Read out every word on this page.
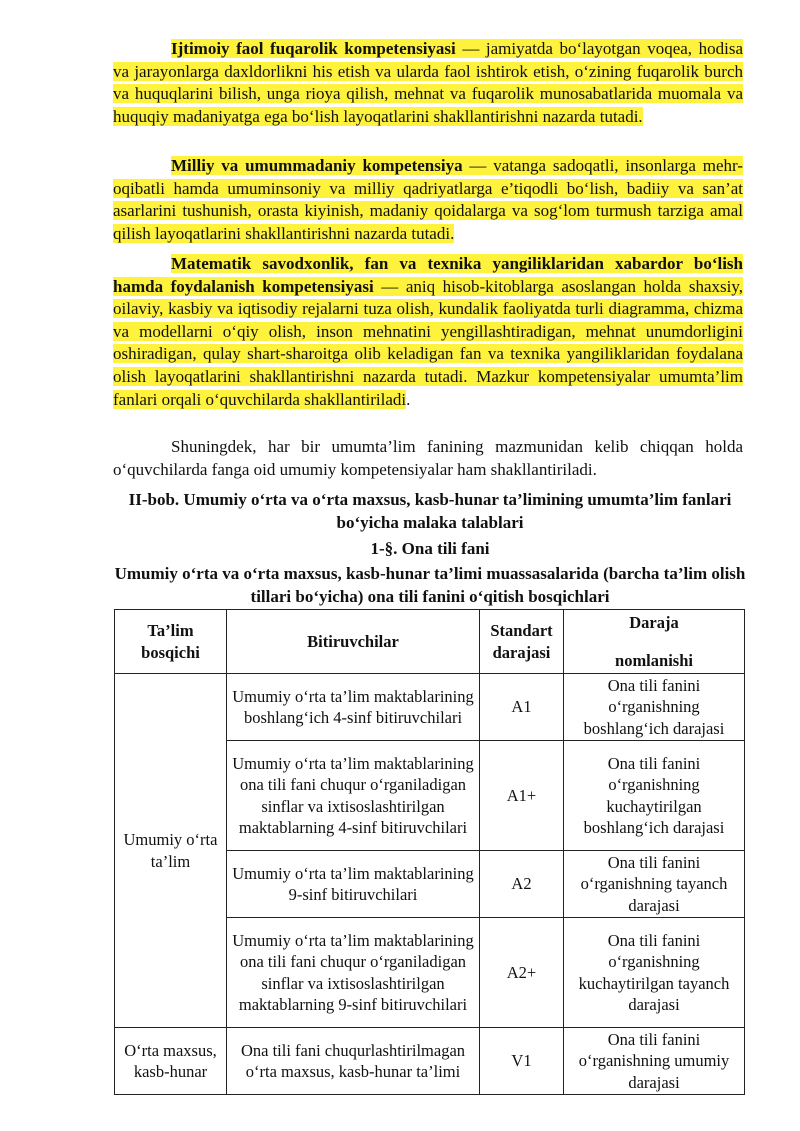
Ijtimoiy faol fuqarolik kompetensiyasi — jamiyatda bo‘layotgan voqea, hodisa va jarayonlarga daxldorlikni his etish va ularda faol ishtirok etish, o‘zining fuqarolik burch va huquqlarini bilish, unga rioya qilish, mehnat va fuqarolik munosabatlarida muomala va huquqiy madaniyatga ega bo‘lish layoqatlarini shakllantirishni nazarda tutadi.

Milliy va umummadaniy kompetensiya — vatanga sadoqatli, insonlarga mehr-oqibatli hamda umuminsoniy va milliy qadriyatlarga e’tiqodli bo‘lish, badiiy va san’at asarlarini tushunish, orasta kiyinish, madaniy qoidalarga va sog‘lom turmush tarziga amal qilish layoqatlarini shakllantirishni nazarda tutadi.

Matematik savodxonlik, fan va texnika yangiliklaridan xabardor bo‘lish hamda foydalanish kompetensiyasi — aniq hisob-kitoblarga asoslangan holda shaxsiy, oilaviy, kasbiy va iqtisodiy rejalarni tuza olish, kundalik faoliyatda turli diagramma, chizma va modellarni o‘qiy olish, inson mehnatini yengillashtiradigan, mehnat unumdorligini oshiradigan, qulay shart-sharoitga olib keladigan fan va texnika yangiliklaridan foydalana olish layoqatlarini shakllantirishni nazarda tutadi. Mazkur kompetensiyalar umumta’lim fanlari orqali o‘quvchilarda shakllantiriladi.

Shuningdek, har bir umumta’lim fanining mazmunidan kelib chiqqan holda o‘quvchilarda fanga oid umumiy kompetensiyalar ham shakllantiriladi.

II-bob. Umumiy o‘rta va o‘rta maxsus, kasb-hunar ta’limining umumta’lim fanlari bo‘yicha malaka talablari

1-§. Ona tili fani

Umumiy o‘rta va o‘rta maxsus, kasb-hunar ta’limi muassasalarida (barcha ta’lim olish tillari bo‘yicha) ona tili fanini o‘qitish bosqichlari

Ta’lim bosqichi	Bitiruvchilar	Standart darajasi	Daraja
nomlanishi

Umumiy o‘rta ta’lim	Umumiy o‘rta ta’lim maktablarining boshlang‘ich 4-sinf bitiruvchilari	A1	Ona tili fanini o‘rganishning boshlang‘ich darajasi
	Umumiy o‘rta ta’lim maktablarining ona tili fani chuqur o‘rganiladigan sinflar va ixtisoslashtirilgan maktablarning 4-sinf bitiruvchilari	A1+	Ona tili fanini o‘rganishning kuchaytirilgan boshlang‘ich darajasi
	Umumiy o‘rta ta’lim maktablarining 9-sinf bitiruvchilari	A2	Ona tili fanini o‘rganishning tayanch darajasi
	Umumiy o‘rta ta’lim maktablarining ona tili fani chuqur o‘rganiladigan sinflar va ixtisoslashtirilgan maktablarning 9-sinf bitiruvchilari	A2+	Ona tili fanini o‘rganishning kuchaytirilgan tayanch darajasi
O‘rta maxsus, kasb-hunar	Ona tili fani chuqurlashtirilmagan o‘rta maxsus, kasb-hunar ta’limi	V1	Ona tili fanini o‘rganishning umumiy darajasi
